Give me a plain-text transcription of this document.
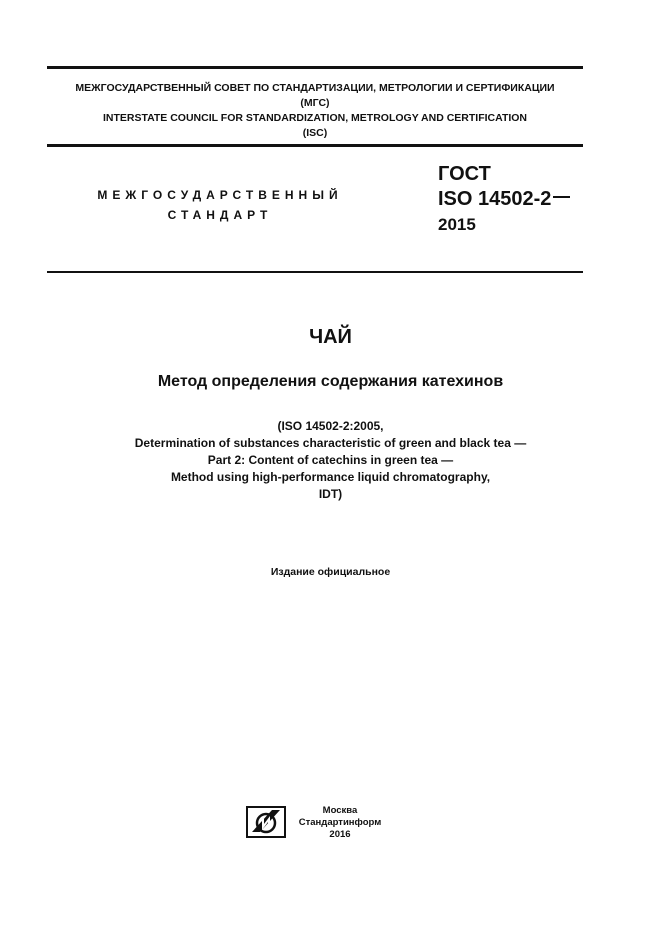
МЕЖГОСУДАРСТВЕННЫЙ СОВЕТ ПО СТАНДАРТИЗАЦИИ, МЕТРОЛОГИИ И СЕРТИФИКАЦИИ
(МГС)
INTERSTATE COUNCIL FOR STANDARDIZATION, METROLOGY AND CERTIFICATION
(ISC)
МЕЖГОСУДАРСТВЕННЫЙ
СТАНДАРТ
ГОСТ
ISO 14502-2
2015
ЧАЙ
Метод определения содержания катехинов
(ISO 14502-2:2005,
Determination of substances characteristic of green and black tea —
Part 2: Content of catechins in green tea —
Method using high-performance liquid chromatography,
IDT)
Издание официальное
Москва
Стандартинформ
2016
